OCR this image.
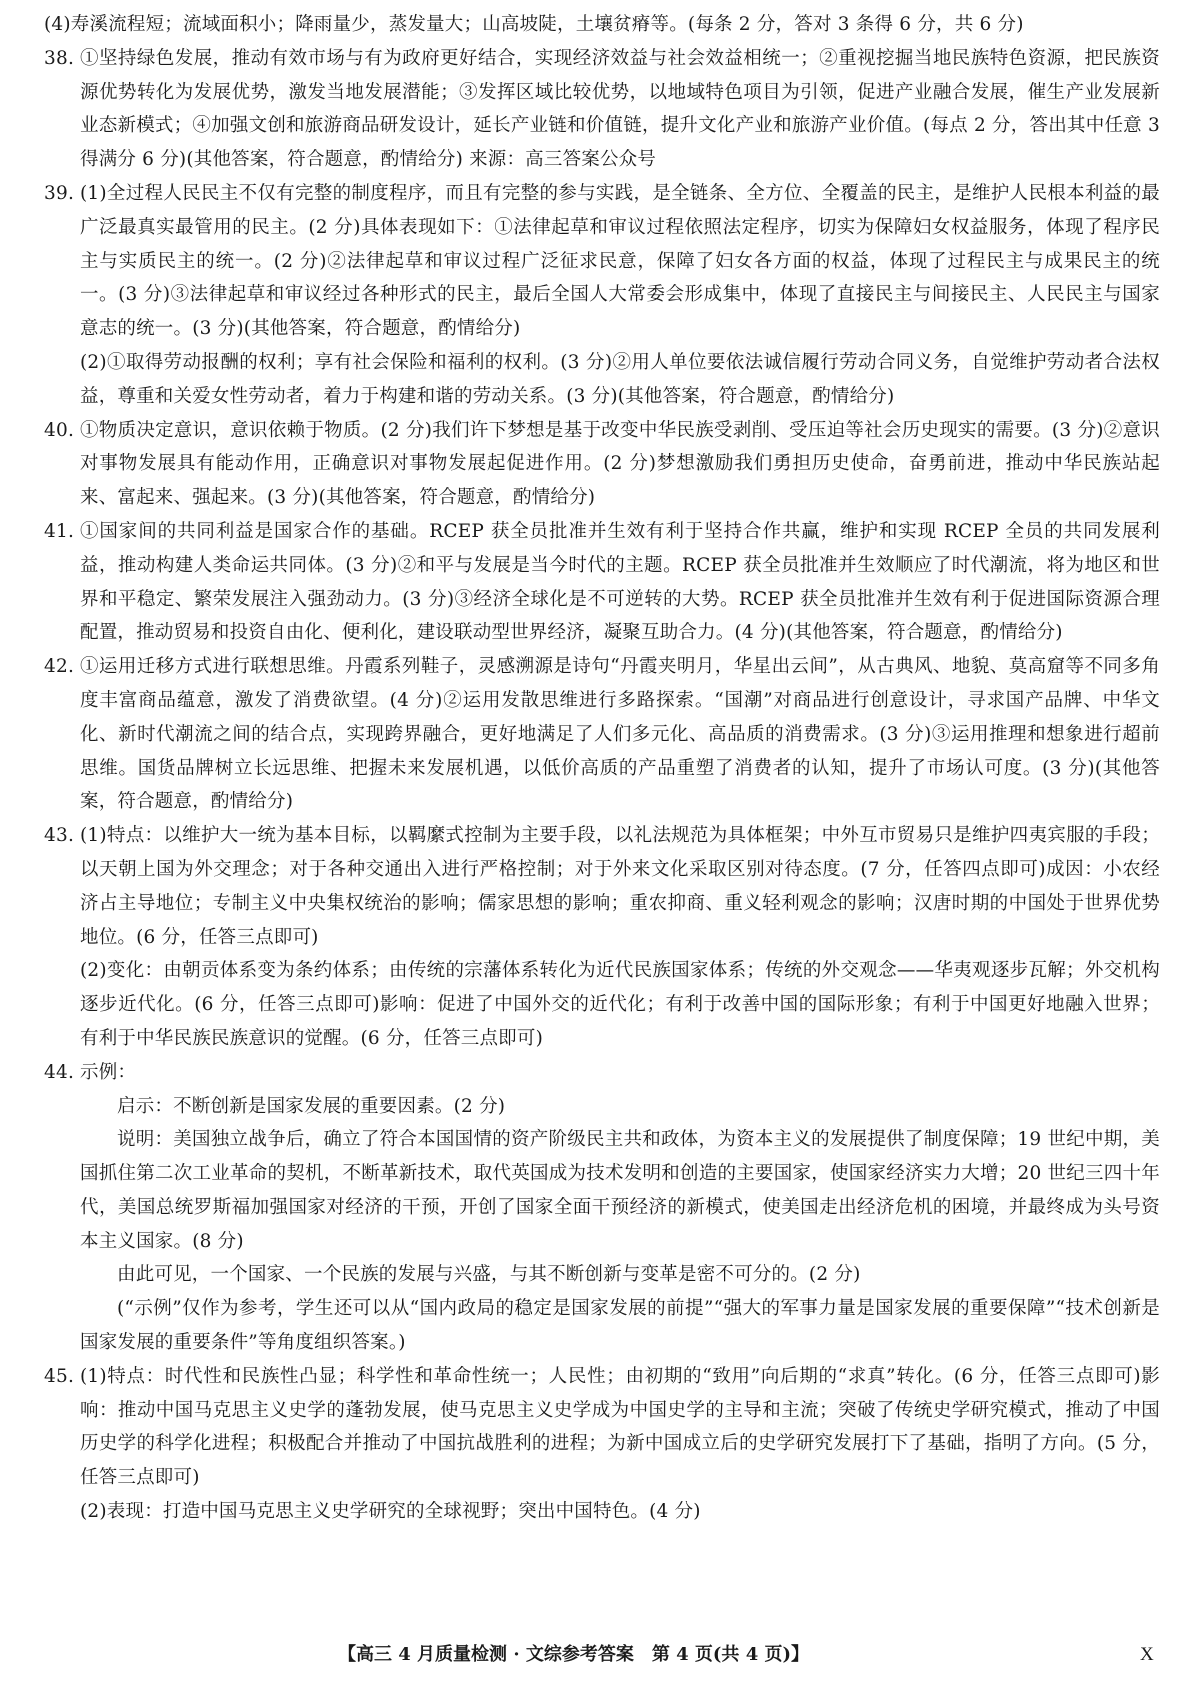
(4)寿溪流程短；流域面积小；降雨量少，蒸发量大；山高坡陡，土壤贫瘠等。(每条 2 分，答对 3 条得 6 分，共 6 分)

38. ①坚持绿色发展，推动有效市场与有为政府更好结合，实现经济效益与社会效益相统一；②重视挖掘当地民族特色资源，把民族资源优势转化为发展优势，激发当地发展潜能；③发挥区域比较优势，以地域特色项目为引领，促进产业融合发展，催生产业发展新业态新模式；④加强文创和旅游商品研发设计，延长产业链和价值链，提升文化产业和旅游产业价值。(每点 2 分，答出其中任意 3 得满分 6 分)(其他答案，符合题意，酌情给分) 来源：高三答案公众号

39. (1)全过程人民民主不仅有完整的制度程序，而且有完整的参与实践，是全链条、全方位、全覆盖的民主，是维护人民根本利益的最广泛最真实最管用的民主。(2 分)具体表现如下：①法律起草和审议过程依照法定程序，切实为保障妇女权益服务，体现了程序民主与实质民主的统一。(2 分)②法律起草和审议过程广泛征求民意，保障了妇女各方面的权益，体现了过程民主与成果民主的统一。(3 分)③法律起草和审议经过各种形式的民主，最后全国人大常委会形成集中，体现了直接民主与间接民主、人民民主与国家意志的统一。(3 分)(其他答案，符合题意，酌情给分)

(2)①取得劳动报酬的权利；享有社会保险和福利的权利。(3 分)②用人单位要依法诚信履行劳动合同义务，自觉维护劳动者合法权益，尊重和关爱女性劳动者，着力于构建和谐的劳动关系。(3 分)(其他答案，符合题意，酌情给分)

40. ①物质决定意识，意识依赖于物质。(2 分)我们许下梦想是基于改变中华民族受剥削、受压迫等社会历史现实的需要。(3 分)②意识对事物发展具有能动作用，正确意识对事物发展起促进作用。(2 分)梦想激励我们勇担历史使命，奋勇前进，推动中华民族站起来、富起来、强起来。(3 分)(其他答案，符合题意，酌情给分)

41. ①国家间的共同利益是国家合作的基础。RCEP 获全员批准并生效有利于坚持合作共赢，维护和实现 RCEP 全员的共同发展利益，推动构建人类命运共同体。(3 分)②和平与发展是当今时代的主题。RCEP 获全员批准并生效顺应了时代潮流，将为地区和世界和平稳定、繁荣发展注入强劲动力。(3 分)③经济全球化是不可逆转的大势。RCEP 获全员批准并生效有利于促进国际资源合理配置，推动贸易和投资自由化、便利化，建设联动型世界经济，凝聚互助合力。(4 分)(其他答案，符合题意，酌情给分)

42. ①运用迁移方式进行联想思维。丹霞系列鞋子，灵感溯源是诗句“丹霞夹明月，华星出云间”，从古典风、地貌、莫高窟等不同多角度丰富商品蕴意，激发了消费欲望。(4 分)②运用发散思维进行多路探索。“国潮”对商品进行创意设计，寻求国产品牌、中华文化、新时代潮流之间的结合点，实现跨界融合，更好地满足了人们多元化、高品质的消费需求。(3 分)③运用推理和想象进行超前思维。国货品牌树立长远思维、把握未来发展机遇，以低价高质的产品重塑了消费者的认知，提升了市场认可度。(3 分)(其他答案，符合题意，酌情给分)

43. (1)特点：以维护大一统为基本目标，以羁縻式控制为主要手段，以礼法规范为具体框架；中外互市贸易只是维护四夷宾服的手段；以天朝上国为外交理念；对于各种交通出入进行严格控制；对于外来文化采取区别对待态度。(7 分，任答四点即可)成因：小农经济占主导地位；专制主义中央集权统治的影响；儒家思想的影响；重农抑商、重义轻利观念的影响；汉唐时期的中国处于世界优势地位。(6 分，任答三点即可)

(2)变化：由朝贡体系变为条约体系；由传统的宗藩体系转化为近代民族国家体系；传统的外交观念——华夷观逐步瓦解；外交机构逐步近代化。(6 分，任答三点即可)影响：促进了中国外交的近代化；有利于改善中国的国际形象；有利于中国更好地融入世界；有利于中华民族民族意识的觉醒。(6 分，任答三点即可)

44. 示例：

启示：不断创新是国家发展的重要因素。(2 分)

说明：美国独立战争后，确立了符合本国国情的资产阶级民主共和政体，为资本主义的发展提供了制度保障；19 世纪中期，美国抓住第二次工业革命的契机，不断革新技术，取代英国成为技术发明和创造的主要国家，使国家经济实力大增；20 世纪三四十年代，美国总统罗斯福加强国家对经济的干预，开创了国家全面干预经济的新模式，使美国走出经济危机的困境，并最终成为头号资本主义国家。(8 分)

由此可见，一个国家、一个民族的发展与兴盛，与其不断创新与变革是密不可分的。(2 分)

(“示例”仅作为参考，学生还可以从“国内政局的稳定是国家发展的前提”“强大的军事力量是国家发展的重要保障”“技术创新是国家发展的重要条件”等角度组织答案。)

45. (1)特点：时代性和民族性凸显；科学性和革命性统一；人民性；由初期的“致用”向后期的“求真”转化。(6 分，任答三点即可)影响：推动中国马克思主义史学的蓬勃发展，使马克思主义史学成为中国史学的主导和主流；突破了传统史学研究模式，推动了中国历史学的科学化进程；积极配合并推动了中国抗战胜利的进程；为新中国成立后的史学研究发展打下了基础，指明了方向。(5 分，任答三点即可)

(2)表现：打造中国马克思主义史学研究的全球视野；突出中国特色。(4 分)

【高三 4 月质量检测 · 文综参考答案　第 4 页(共 4 页)】	X
